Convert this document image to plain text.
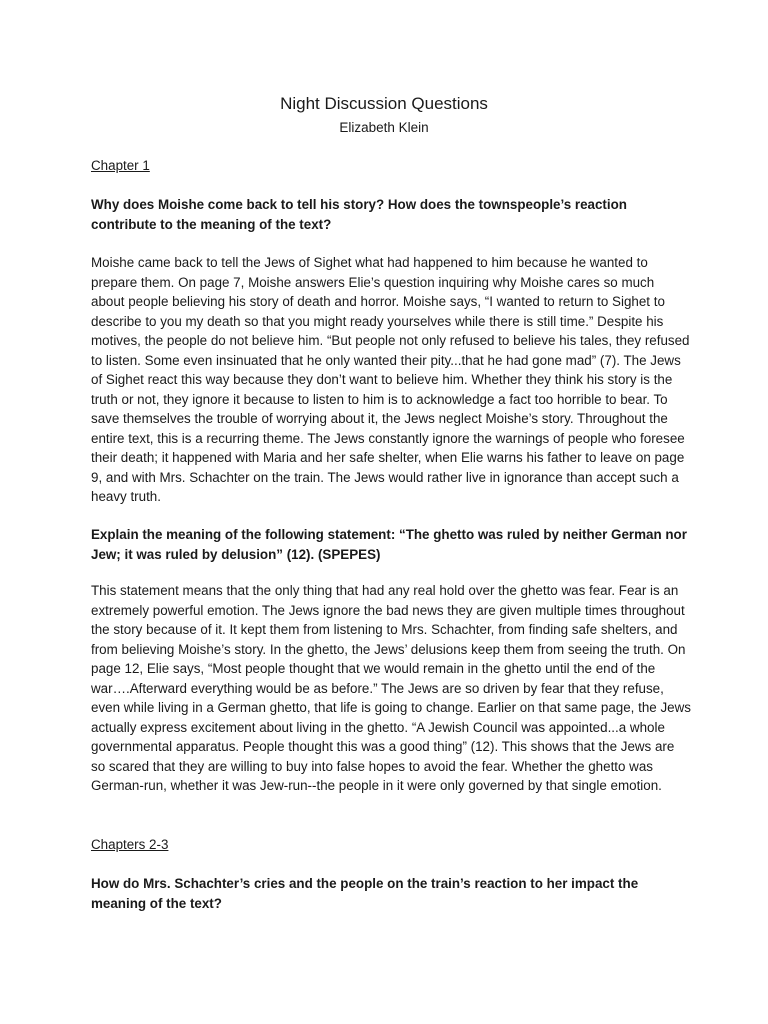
Night Discussion Questions
Elizabeth Klein
Chapter 1

Why does Moishe come back to tell his story? How does the townspeople’s reaction contribute to the meaning of the text?

Moishe came back to tell the Jews of Sighet what had happened to him because he wanted to prepare them. On page 7, Moishe answers Elie’s question inquiring why Moishe cares so much about people believing his story of death and horror. Moishe says, “I wanted to return to Sighet to describe to you my death so that you might ready yourselves while there is still time.” Despite his motives, the people do not believe him. “But people not only refused to believe his tales, they refused to listen. Some even insinuated that he only wanted their pity...that he had gone mad” (7). The Jews of Sighet react this way because they don’t want to believe him. Whether they think his story is the truth or not, they ignore it because to listen to him is to acknowledge a fact too horrible to bear. To save themselves the trouble of worrying about it, the Jews neglect Moishe’s story. Throughout the entire text, this is a recurring theme. The Jews constantly ignore the warnings of people who foresee their death; it happened with Maria and her safe shelter, when Elie warns his father to leave on page 9, and with Mrs. Schachter on the train. The Jews would rather live in ignorance than accept such a heavy truth.

Explain the meaning of the following statement: “The ghetto was ruled by neither German nor Jew; it was ruled by delusion” (12). (SPEPES)

This statement means that the only thing that had any real hold over the ghetto was fear. Fear is an extremely powerful emotion. The Jews ignore the bad news they are given multiple times throughout the story because of it. It kept them from listening to Mrs. Schachter, from finding safe shelters, and from believing Moishe’s story. In the ghetto, the Jews’ delusions keep them from seeing the truth. On page 12, Elie says, “Most people thought that we would remain in the ghetto until the end of the war….Afterward everything would be as before.” The Jews are so driven by fear that they refuse, even while living in a German ghetto, that life is going to change. Earlier on that same page, the Jews actually express excitement about living in the ghetto. “A Jewish Council was appointed...a whole governmental apparatus. People thought this was a good thing” (12). This shows that the Jews are so scared that they are willing to buy into false hopes to avoid the fear. Whether the ghetto was German-run, whether it was Jew-run--the people in it were only governed by that single emotion.

Chapters 2-3

How do Mrs. Schachter’s cries and the people on the train’s reaction to her impact the meaning of the text?
